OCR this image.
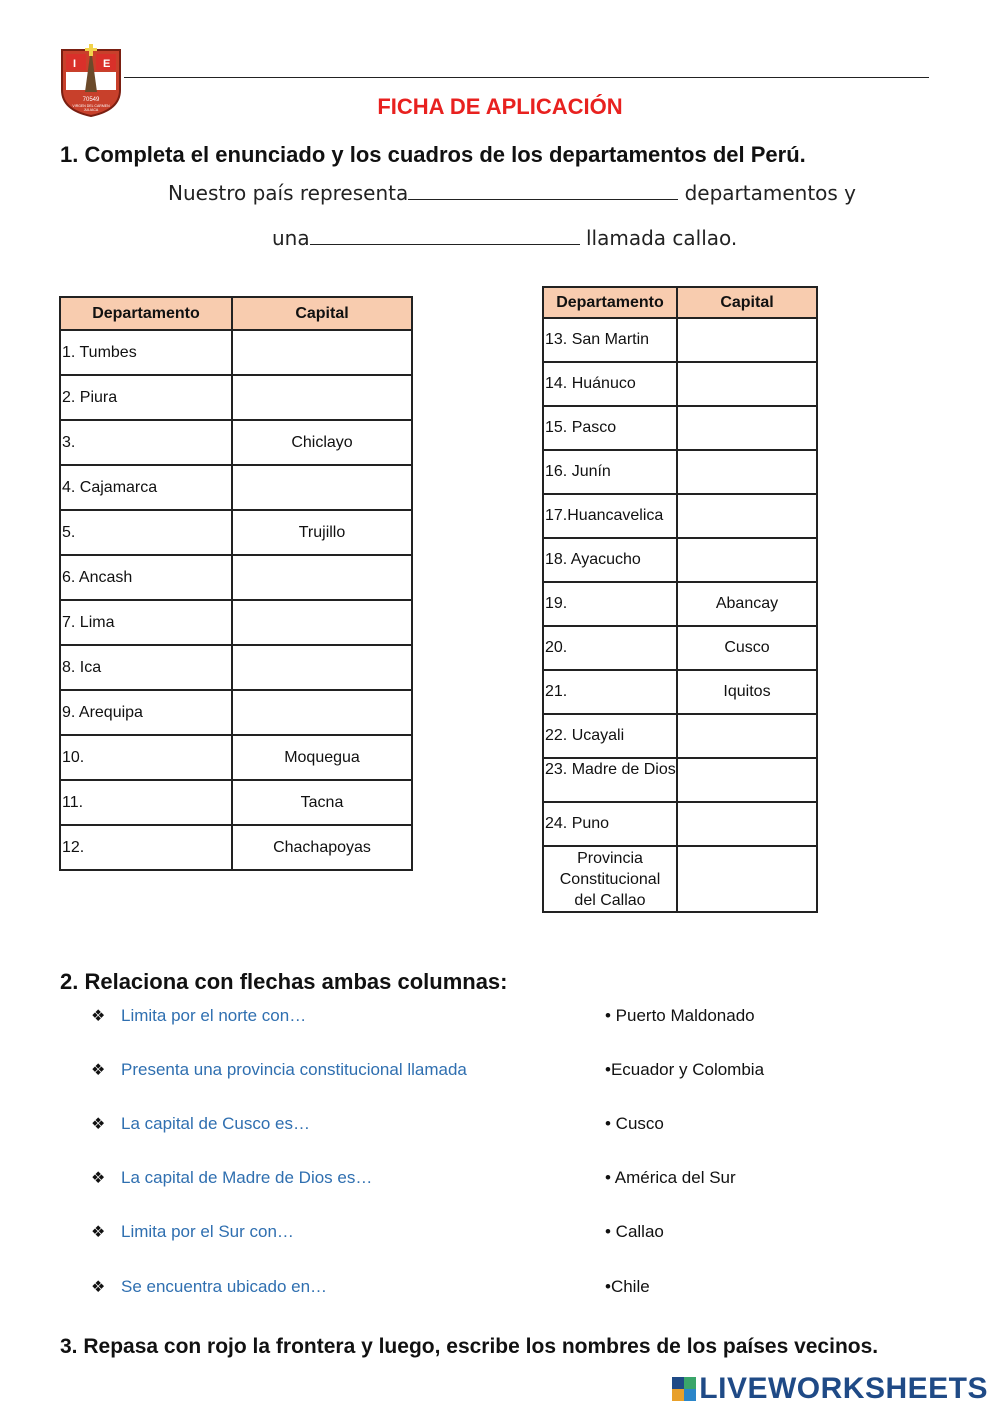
I E
70549
VIRGEN DEL CARMEN
JULIACA	FICHA DE APLICACIÓN
1. Completa el enunciado y los cuadros de los departamentos del Perú.
Nuestro país representa	departamentos y
una	llamada callao.
Departamento	Capital
1. Tumbes	
2. Piura	
3.	Chiclayo
4. Cajamarca	
5.	Trujillo
6. Ancash	
7. Lima	
8. Ica	
9. Arequipa	
10.	Moquegua
11.	Tacna
12.	Chachapoyas
Departamento	Capital
13. San Martin	
14. Huánuco	
15. Pasco	
16. Junín	
17.Huancavelica	
18. Ayacucho	
19.	Abancay
20.	Cusco
21.	Iquitos
22. Ucayali	
23. Madre de Dios	
24. Puno	

Provincia
Constitucional
del Callao	

2. Relaciona con flechas ambas columnas:
❖ Limita por el norte con…	• Puerto Maldonado
❖ Presenta una provincia constitucional llamada	•Ecuador y Colombia
❖ La capital de Cusco es…	• Cusco
❖ La capital de Madre de Dios es…	• América del Sur
❖ Limita por el Sur con…	• Callao
❖ Se encuentra ubicado en…	•Chile
3. Repasa con rojo la frontera y luego, escribe los nombres de los países vecinos.
LIVEWORKSHEETS
